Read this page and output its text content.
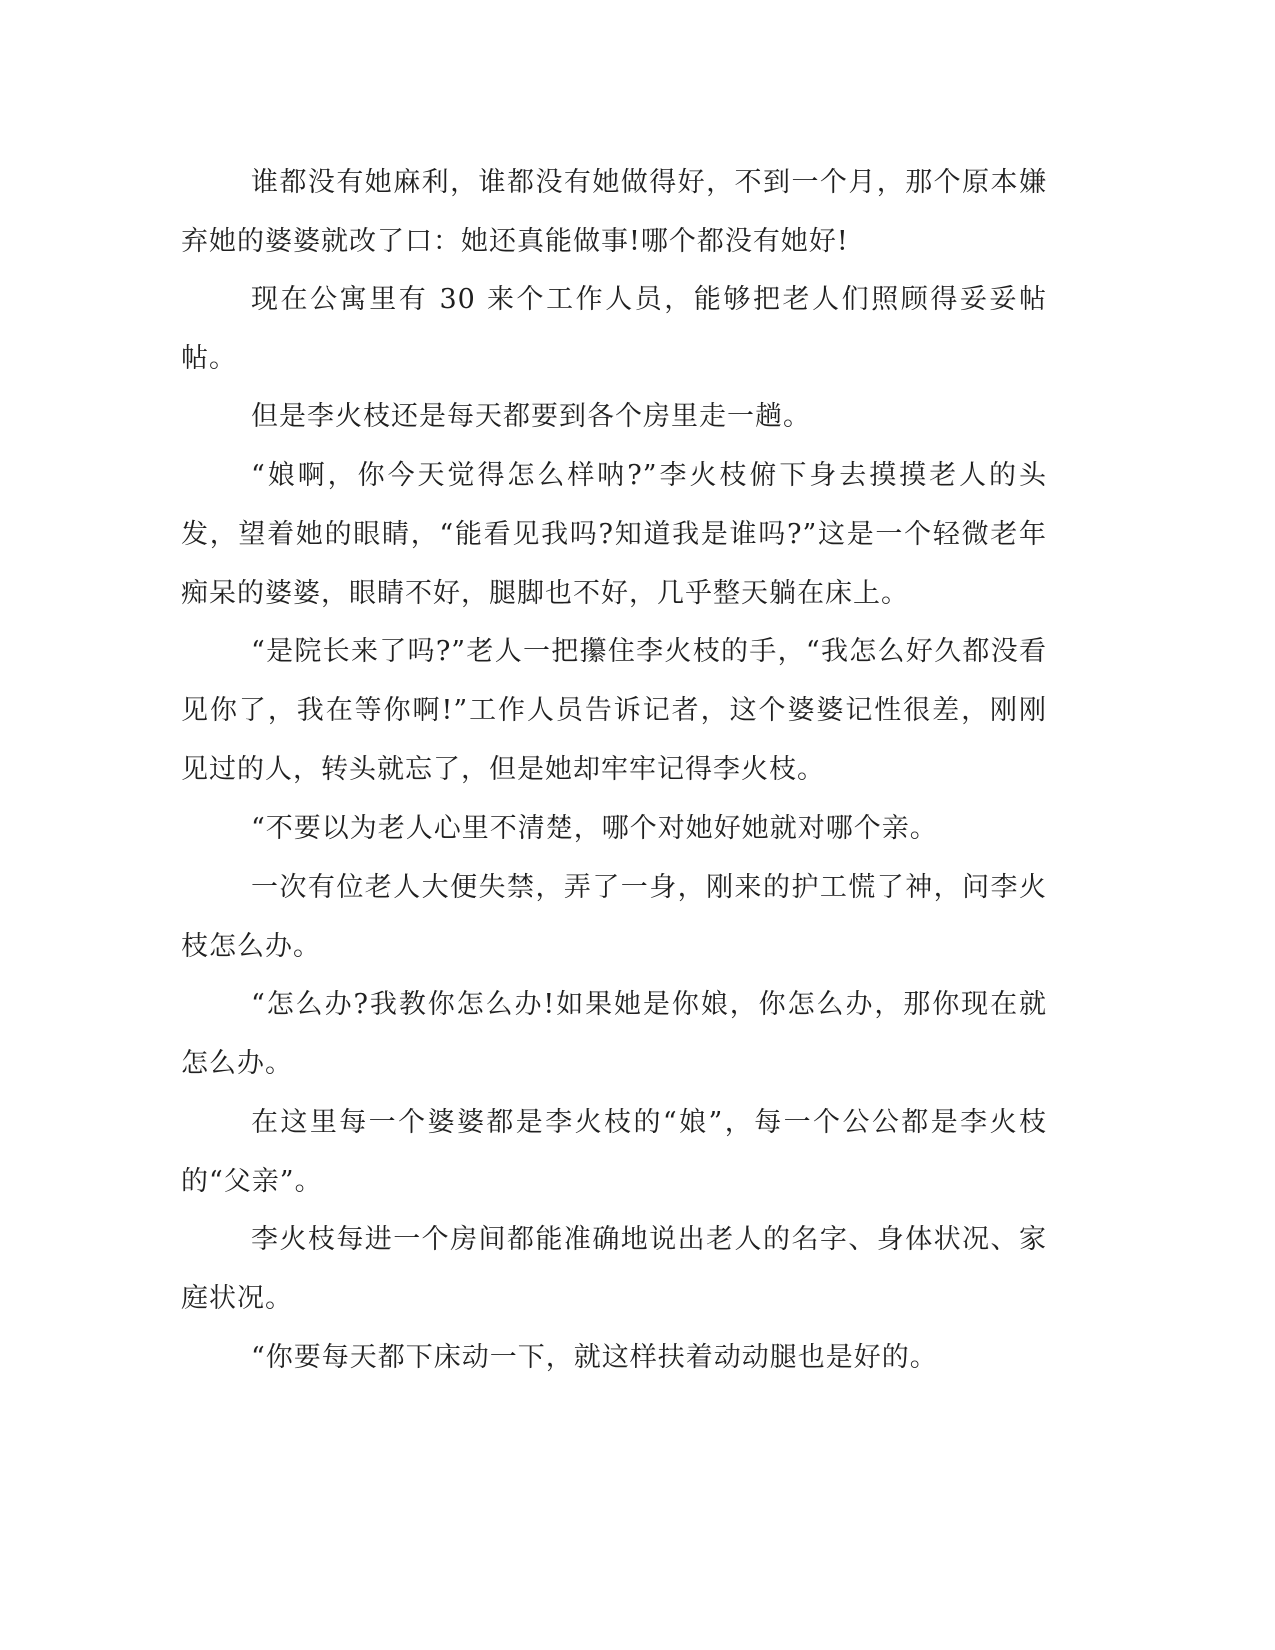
谁都没有她麻利，谁都没有她做得好，不到一个月，那个原本嫌弃她的婆婆就改了口：她还真能做事!哪个都没有她好!

现在公寓里有 30 来个工作人员，能够把老人们照顾得妥妥帖帖。

但是李火枝还是每天都要到各个房里走一趟。

“娘啊，你今天觉得怎么样呐?”李火枝俯下身去摸摸老人的头发，望着她的眼睛，“能看见我吗?知道我是谁吗?”这是一个轻微老年痴呆的婆婆，眼睛不好，腿脚也不好，几乎整天躺在床上。

“是院长来了吗?”老人一把攥住李火枝的手，“我怎么好久都没看见你了，我在等你啊!”工作人员告诉记者，这个婆婆记性很差，刚刚见过的人，转头就忘了，但是她却牢牢记得李火枝。

“不要以为老人心里不清楚，哪个对她好她就对哪个亲。

一次有位老人大便失禁，弄了一身，刚来的护工慌了神，问李火枝怎么办。

“怎么办?我教你怎么办!如果她是你娘，你怎么办，那你现在就怎么办。

在这里每一个婆婆都是李火枝的“娘”，每一个公公都是李火枝的“父亲”。

李火枝每进一个房间都能准确地说出老人的名字、身体状况、家庭状况。

“你要每天都下床动一下，就这样扶着动动腿也是好的。
